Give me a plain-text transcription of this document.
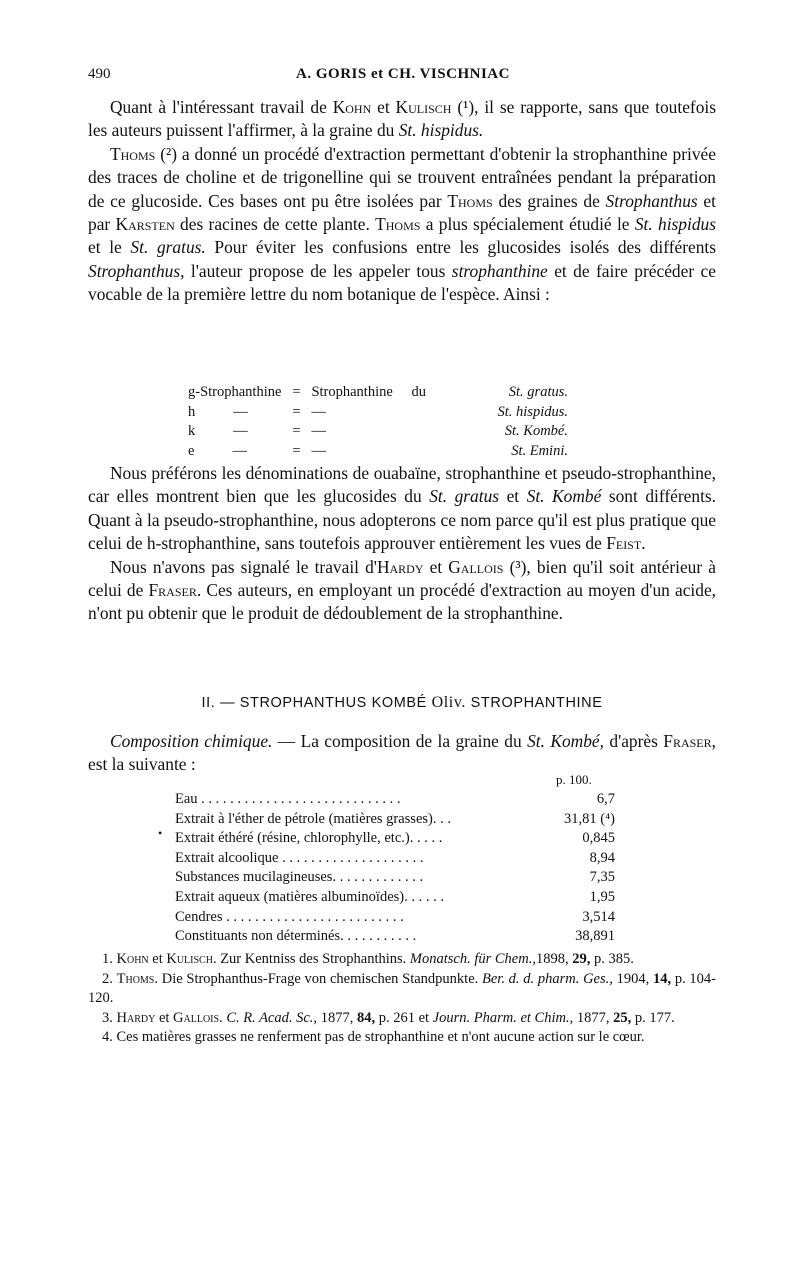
490	A. GORIS et CH. VISCHNIAC

Quant à l'intéressant travail de Kohn et Kulisch (¹), il se rapporte, sans que toutefois les auteurs puissent l'affirmer, à la graine du St. hispidus.

Thoms (²) a donné un procédé d'extraction permettant d'obtenir la strophanthine privée des traces de choline et de trigonelline qui se trouvent entraînées pendant la préparation de ce glucoside. Ces bases ont pu être isolées par Thoms des graines de Strophanthus et par Karsten des racines de cette plante. Thoms a plus spécialement étudié le St. hispidus et le St. gratus. Pour éviter les confusions entre les glucosides isolés des différents Strophanthus, l'auteur propose de les appeler tous strophanthine et de faire précéder ce vocable de la première lettre du nom botanique de l'espèce. Ainsi :

g-Strophanthine	=	Strophanthine	du	St. gratus.
h —	=	—		St. hispidus.
k —	=	—		St. Kombé.
e —	=	—		St. Emini.

Nous préférons les dénominations de ouabaïne, strophanthine et pseudo-strophanthine, car elles montrent bien que les glucosides du St. gratus et St. Kombé sont différents. Quant à la pseudo-strophanthine, nous adopterons ce nom parce qu'il est plus pratique que celui de h-strophanthine, sans toutefois approuver entièrement les vues de Feist.

Nous n'avons pas signalé le travail d'Hardy et Gallois (³), bien qu'il soit antérieur à celui de Fraser. Ces auteurs, en employant un procédé d'extraction au moyen d'un acide, n'ont pu obtenir que le produit de dédoublement de la strophanthine.

II. — STROPHANTHUS KOMBÉ Oliv. STROPHANTHINE

Composition chimique. — La composition de la graine du St. Kombé, d'après Fraser, est la suivante :

p. 100.
•
Eau . . . . . . . . . . . . . . . . . . . . . . . . . . . .	6,7
Extrait à l'éther de pétrole (matières grasses). . .	31,81 (⁴)
Extrait éthéré (résine, chlorophylle, etc.). . . . .	0,845
Extrait alcoolique . . . . . . . . . . . . . . . . . . . .	8,94
Substances mucilagineuses. . . . . . . . . . . . .	7,35
Extrait aqueux (matières albuminoïdes). . . . . .	1,95
Cendres . . . . . . . . . . . . . . . . . . . . . . . . .	3,514
Constituants non déterminés. . . . . . . . . . .	38,891

1. Kohn et Kulisch. Zur Kentniss des Strophanthins. Monatsch. für Chem.,1898, 29, p. 385.

2. Thoms. Die Strophanthus-Frage von chemischen Standpunkte. Ber. d. d. pharm. Ges., 1904, 14, p. 104-120.

3. Hardy et Gallois. C. R. Acad. Sc., 1877, 84, p. 261 et Journ. Pharm. et Chim., 1877, 25, p. 177.

4. Ces matières grasses ne renferment pas de strophanthine et n'ont aucune action sur le cœur.
